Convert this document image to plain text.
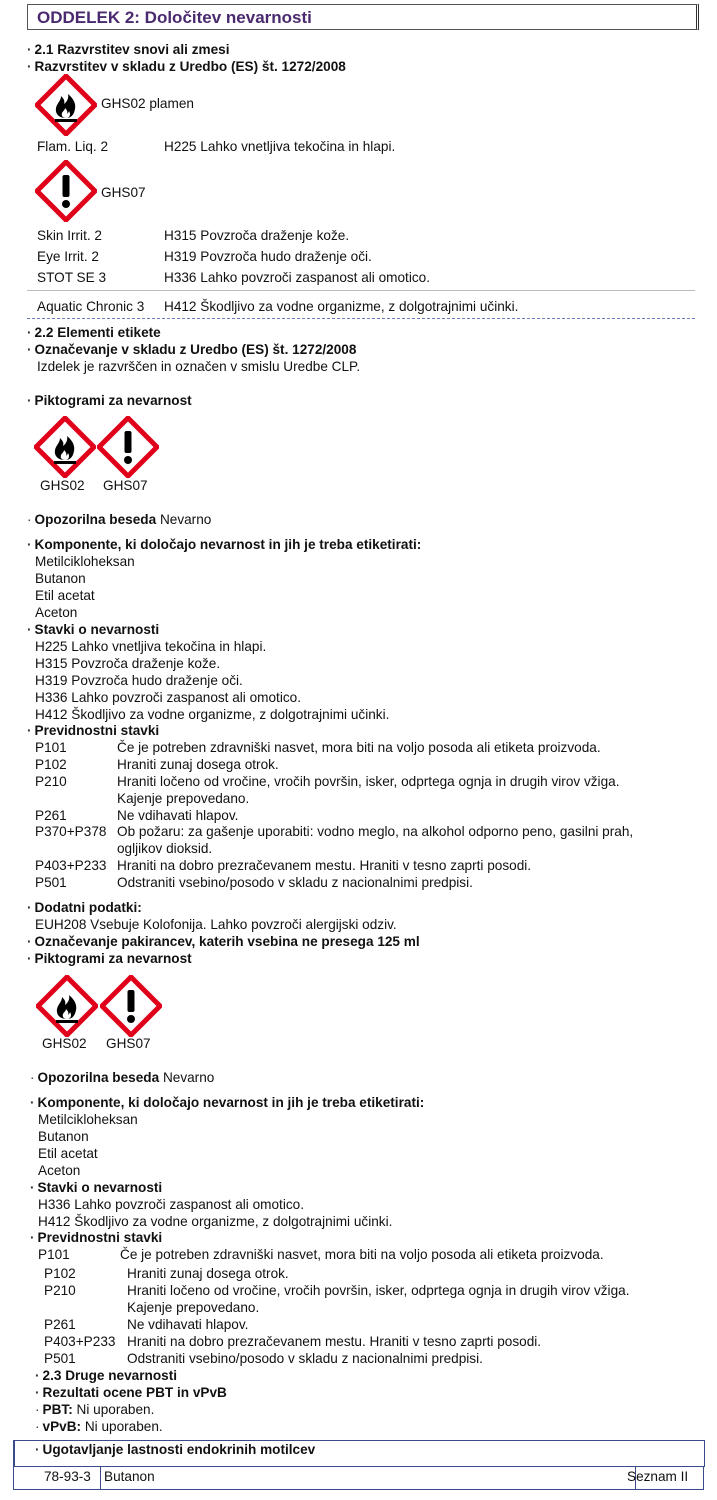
ODDELEK 2: Določitev nevarnosti
· 2.1 Razvrstitev snovi ali zmesi
· Razvrstitev v skladu z Uredbo (ES) št. 1272/2008
GHS02 plamen
Flam. Liq. 2	H225 Lahko vnetljiva tekočina in hlapi.
GHS07
Skin Irrit. 2	H315 Povzroča draženje kože.
Eye Irrit. 2	H319 Povzroča hudo draženje oči.
STOT SE 3	H336 Lahko povzroči zaspanost ali omotico.
Aquatic Chronic 3 H412 Škodljivo za vodne organizme, z dolgotrajnimi učinki.
· 2.2 Elementi etikete
· Označevanje v skladu z Uredbo (ES) št. 1272/2008
Izdelek je razvrščen in označen v smislu Uredbe CLP.
· Piktogrami za nevarnost
GHS02 GHS07
· Opozorilna beseda Nevarno
· Komponente, ki določajo nevarnost in jih je treba etiketirati:
Metilcikloheksan
Butanon
Etil acetat
Aceton
· Stavki o nevarnosti
H225 Lahko vnetljiva tekočina in hlapi.
H315 Povzroča draženje kože.
H319 Povzroča hudo draženje oči.
H336 Lahko povzroči zaspanost ali omotico.
H412 Škodljivo za vodne organizme, z dolgotrajnimi učinki.
· Previdnostni stavki
P101	Če je potreben zdravniški nasvet, mora biti na voljo posoda ali etiketa proizvoda.
P102	Hraniti zunaj dosega otrok.
P210	Hraniti ločeno od vročine, vročih površin, isker, odprtega ognja in drugih virov vžiga.
Kajenje prepovedano.
P261	Ne vdihavati hlapov.
P370+P378 Ob požaru: za gašenje uporabiti: vodno meglo, na alkohol odporno peno, gasilni prah,
ogljikov dioksid.
P403+P233 Hraniti na dobro prezračevanem mestu. Hraniti v tesno zaprti posodi.
P501	Odstraniti vsebino/posodo v skladu z nacionalnimi predpisi.
· Dodatni podatki:
EUH208 Vsebuje Kolofonija. Lahko povzroči alergijski odziv.
· Označevanje pakirancev, katerih vsebina ne presega 125 ml
· Piktogrami za nevarnost
GHS02 GHS07
· Opozorilna beseda Nevarno
· Komponente, ki določajo nevarnost in jih je treba etiketirati:
Metilcikloheksan
Butanon
Etil acetat
Aceton
· Stavki o nevarnosti
H336 Lahko povzroči zaspanost ali omotico.
H412 Škodljivo za vodne organizme, z dolgotrajnimi učinki.
· Previdnostni stavki
P101	Če je potreben zdravniški nasvet, mora biti na voljo posoda ali etiketa proizvoda.
P102	Hraniti zunaj dosega otrok.
P210	Hraniti ločeno od vročine, vročih površin, isker, odprtega ognja in drugih virov vžiga.
Kajenje prepovedano.
P261	Ne vdihavati hlapov.
P403+P233 Hraniti na dobro prezračevanem mestu. Hraniti v tesno zaprti posodi.
P501	Odstraniti vsebino/posodo v skladu z nacionalnimi predpisi.
· 2.3 Druge nevarnosti
· Rezultati ocene PBT in vPvB
· PBT: Ni uporaben.
· vPvB: Ni uporaben.
· Ugotavljanje lastnosti endokrinih motilcev
78-93-3 Butanon	Seznam II
